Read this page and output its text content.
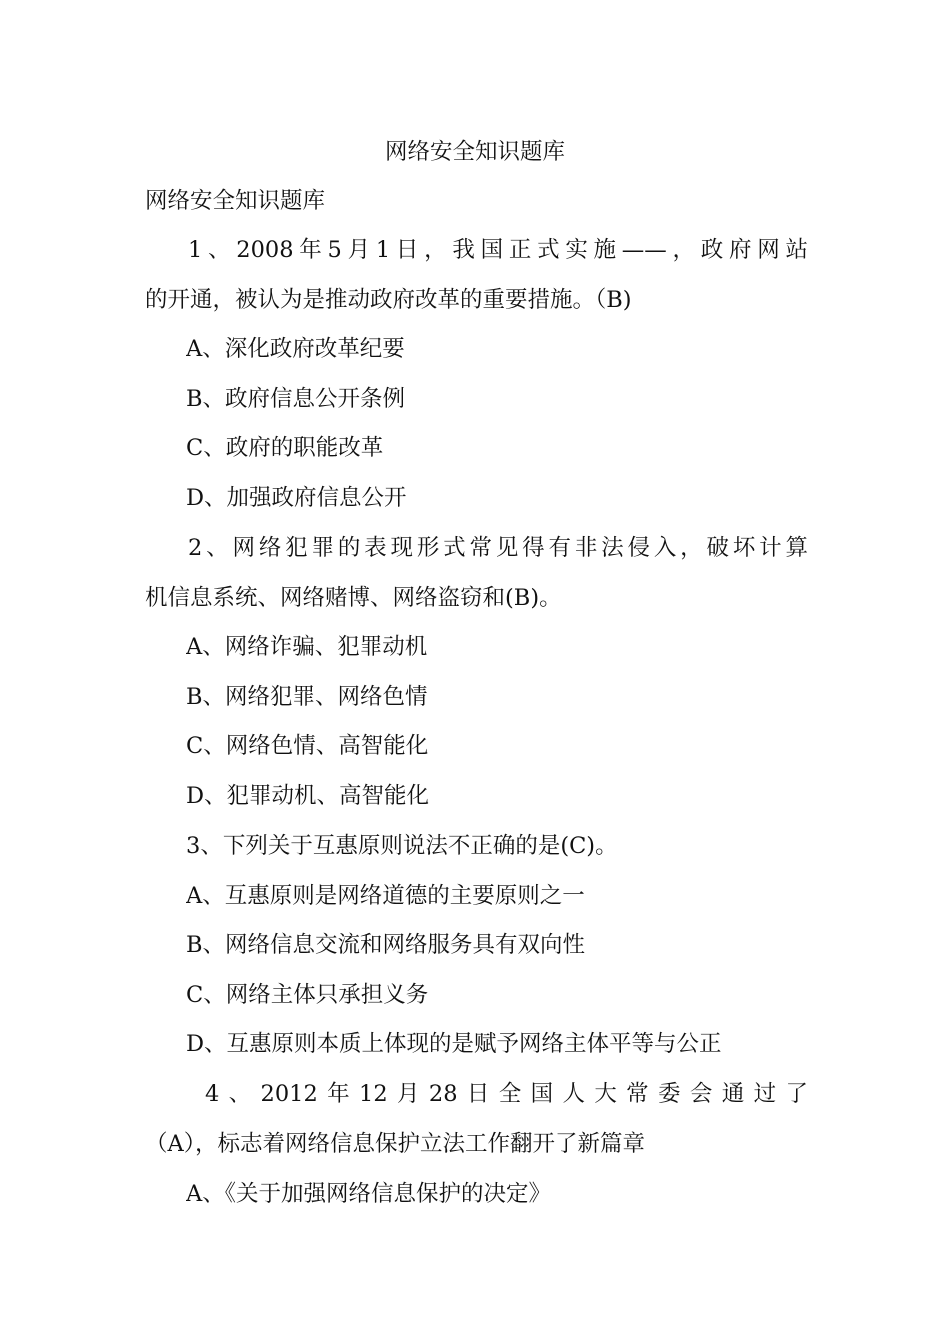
网络安全知识题库
网络安全知识题库
1、2008年5月1日，我国正式实施——，政府网站
的开通，被认为是推动政府改革的重要措施。（B)
A、深化政府改革纪要
B、政府信息公开条例
C、政府的职能改革
D、加强政府信息公开
2、网络犯罪的表现形式常见得有非法侵入，破坏计算
机信息系统、网络赌博、网络盗窃和(B)。
A、网络诈骗、犯罪动机
B、网络犯罪、网络色情
C、网络色情、高智能化
D、犯罪动机、高智能化
3、下列关于互惠原则说法不正确的是(C)。
A、互惠原则是网络道德的主要原则之一
B、网络信息交流和网络服务具有双向性
C、网络主体只承担义务
D、互惠原则本质上体现的是赋予网络主体平等与公正
4、2012年12月28日全国人大常委会通过了
（A），标志着网络信息保护立法工作翻开了新篇章
A、《关于加强网络信息保护的决定》
